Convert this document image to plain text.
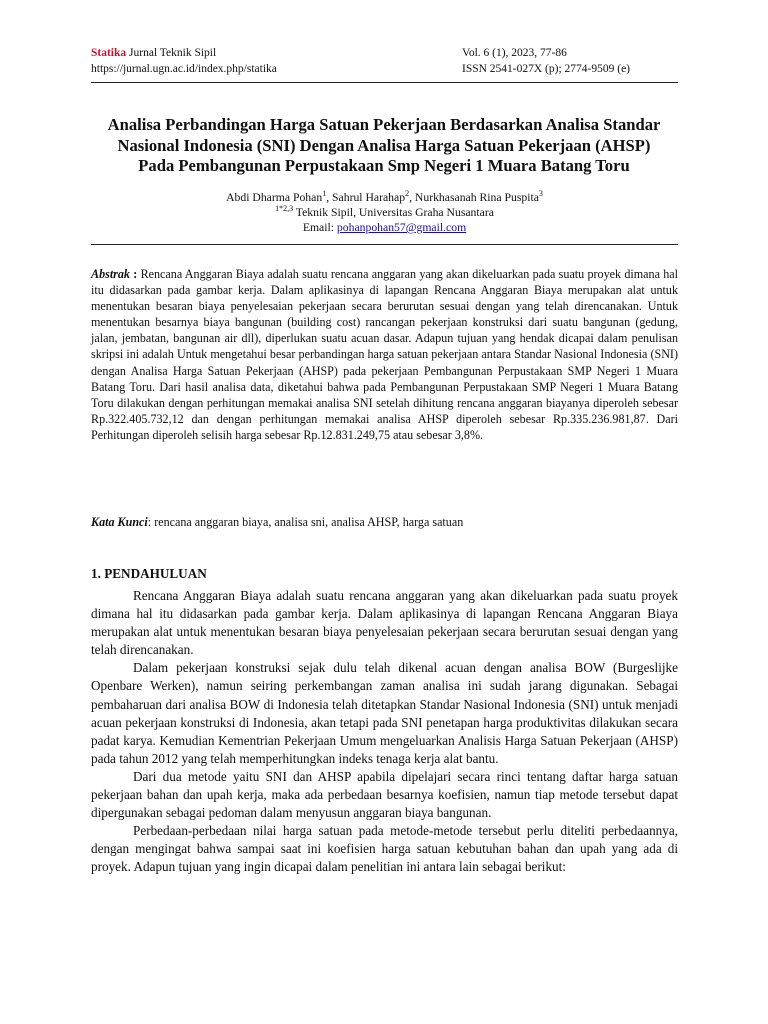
Statika Jurnal Teknik Sipil
https://jurnal.ugn.ac.id/index.php/statika
Vol. 6 (1), 2023, 77-86
ISSN 2541-027X (p); 2774-9509 (e)
Analisa Perbandingan Harga Satuan Pekerjaan Berdasarkan Analisa Standar
Nasional Indonesia (SNI) Dengan Analisa Harga Satuan Pekerjaan (AHSP)
Pada Pembangunan Perpustakaan Smp Negeri 1 Muara Batang Toru
Abdi Dharma Pohan$^1$, Sahrul Harahap$^2$, Nurkhasanah Rina Puspita$^3$
$^{1*2,3}$ Teknik Sipil, Universitas Graha Nusantara
Email: pohanpohan57@gmail.com
Abstrak : Rencana Anggaran Biaya adalah suatu rencana anggaran yang akan dikeluarkan pada suatu proyek dimana hal itu didasarkan pada gambar kerja. Dalam aplikasinya di lapangan Rencana Anggaran Biaya merupakan alat untuk menentukan besaran biaya penyelesaian pekerjaan secara berurutan sesuai dengan yang telah direncanakan. Untuk menentukan besarnya biaya bangunan (building cost) rancangan pekerjaan konstruksi dari suatu bangunan (gedung, jalan, jembatan, bangunan air dll), diperlukan suatu acuan dasar. Adapun tujuan yang hendak dicapai dalam penulisan skripsi ini adalah Untuk mengetahui besar perbandingan harga satuan pekerjaan antara Standar Nasional Indonesia (SNI) dengan Analisa Harga Satuan Pekerjaan (AHSP) pada pekerjaan Pembangunan Perpustakaan SMP Negeri 1 Muara Batang Toru. Dari hasil analisa data, diketahui bahwa pada Pembangunan Perpustakaan SMP Negeri 1 Muara Batang Toru dilakukan dengan perhitungan memakai analisa SNI setelah dihitung rencana anggaran biayanya diperoleh sebesar Rp.322.405.732,12 dan dengan perhitungan memakai analisa AHSP diperoleh sebesar Rp.335.236.981,87. Dari Perhitungan diperoleh selisih harga sebesar Rp.12.831.249,75 atau sebesar 3,8%.
Kata Kunci: rencana anggaran biaya, analisa sni, analisa AHSP, harga satuan
1. PENDAHULUAN

Rencana Anggaran Biaya adalah suatu rencana anggaran yang akan dikeluarkan pada suatu proyek dimana hal itu didasarkan pada gambar kerja. Dalam aplikasinya di lapangan Rencana Anggaran Biaya merupakan alat untuk menentukan besaran biaya penyelesaian pekerjaan secara berurutan sesuai dengan yang telah direncanakan.

Dalam pekerjaan konstruksi sejak dulu telah dikenal acuan dengan analisa BOW (Burgeslijke Openbare Werken), namun seiring perkembangan zaman analisa ini sudah jarang digunakan. Sebagai pembaharuan dari analisa BOW di Indonesia telah ditetapkan Standar Nasional Indonesia (SNI) untuk menjadi acuan pekerjaan konstruksi di Indonesia, akan tetapi pada SNI penetapan harga produktivitas dilakukan secara padat karya. Kemudian Kementrian Pekerjaan Umum mengeluarkan Analisis Harga Satuan Pekerjaan (AHSP) pada tahun 2012 yang telah memperhitungkan indeks tenaga kerja alat bantu.

Dari dua metode yaitu SNI dan AHSP apabila dipelajari secara rinci tentang daftar harga satuan pekerjaan bahan dan upah kerja, maka ada perbedaan besarnya koefisien, namun tiap metode tersebut dapat dipergunakan sebagai pedoman dalam menyusun anggaran biaya bangunan.

Perbedaan-perbedaan nilai harga satuan pada metode-metode tersebut perlu diteliti perbedaannya, dengan mengingat bahwa sampai saat ini koefisien harga satuan kebutuhan bahan dan upah yang ada di proyek. Adapun tujuan yang ingin dicapai dalam penelitian ini antara lain sebagai berikut:
